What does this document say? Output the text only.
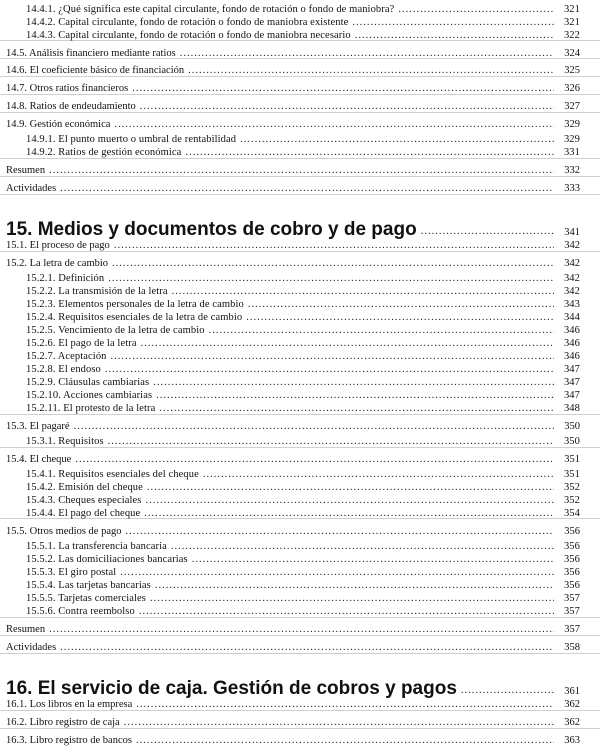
14.4.1. ¿Qué significa este capital circulante, fondo de rotación o fondo de maniobra? .....	321
14.4.2. Capital circulante, fondo de rotación o fondo de maniobra existente .....	321
14.4.3. Capital circulante, fondo de rotación o fondo de maniobra necesario .....	322
14.5. Análisis financiero mediante ratios .....	324
14.6. El coeficiente básico de financiación .....	325
14.7. Otros ratios financieros .....	326
14.8. Ratios de endeudamiento .....	327
14.9. Gestión económica .....	329
14.9.1. El punto muerto o umbral de rentabilidad .....	329
14.9.2. Ratios de gestión económica .....	331
Resumen .....	332
Actividades .....	333
15. Medios y documentos de cobro y de pago .....	341
15.1. El proceso de pago .....	342
15.2. La letra de cambio .....	342
15.2.1. Definición .....	342
15.2.2. La transmisión de la letra .....	342
15.2.3. Elementos personales de la letra de cambio .....	343
15.2.4. Requisitos esenciales de la letra de cambio .....	344
15.2.5. Vencimiento de la letra de cambio .....	346
15.2.6. El pago de la letra .....	346
15.2.7. Aceptación .....	346
15.2.8. El endoso .....	347
15.2.9. Cláusulas cambiarias .....	347
15.2.10. Acciones cambiarias .....	347
15.2.11. El protesto de la letra .....	348
15.3. El pagaré .....	350
15.3.1. Requisitos .....	350
15.4. El cheque .....	351
15.4.1. Requisitos esenciales del cheque .....	351
15.4.2. Emisión del cheque .....	352
15.4.3. Cheques especiales .....	352
15.4.4. El pago del cheque .....	354
15.5. Otros medios de pago .....	356
15.5.1. La transferencia bancaria .....	356
15.5.2. Las domiciliaciones bancarias .....	356
15.5.3. El giro postal .....	356
15.5.4. Las tarjetas bancarias .....	356
15.5.5. Tarjetas comerciales .....	357
15.5.6. Contra reembolso .....	357
Resumen .....	357
Actividades .....	358
16. El servicio de caja. Gestión de cobros y pagos .....	361
16.1. Los libros en la empresa .....	362
16.2. Libro registro de caja .....	362
16.3. Libro registro de bancos .....	363
